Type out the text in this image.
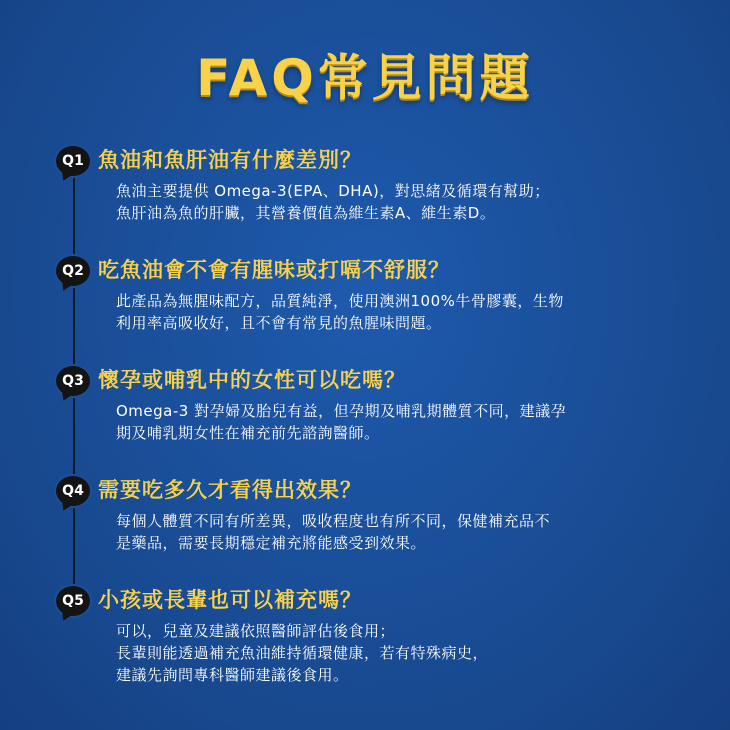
FAQ常見問題
Q1 魚油和魚肝油有什麼差別？
魚油主要提供 Omega-3(EPA、DHA)，對思緒及循環有幫助；
魚肝油為魚的肝臟，其營養價值為維生素A、維生素D。
Q2 吃魚油會不會有腥味或打嗝不舒服？
此產品為無腥味配方，品質純淨，使用澳洲100%牛骨膠囊，生物
利用率高吸收好，且不會有常見的魚腥味問題。
Q3 懷孕或哺乳中的女性可以吃嗎？
Omega-3 對孕婦及胎兒有益，但孕期及哺乳期體質不同，建議孕
期及哺乳期女性在補充前先諮詢醫師。
Q4 需要吃多久才看得出效果？
每個人體質不同有所差異，吸收程度也有所不同，保健補充品不
是藥品，需要長期穩定補充將能感受到效果。
Q5 小孩或長輩也可以補充嗎？
可以，兒童及建議依照醫師評估後食用；
長輩則能透過補充魚油維持循環健康，若有特殊病史，
建議先詢問專科醫師建議後食用。
